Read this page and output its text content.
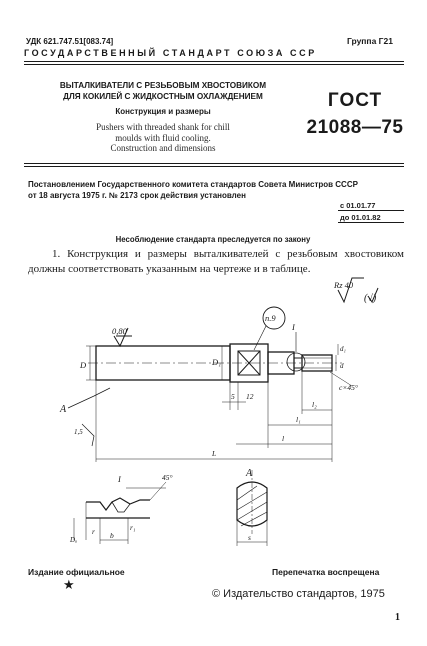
УДК 621.747.51[083.74]	Группа Г21
ГОСУДАРСТВЕННЫЙ СТАНДАРТ СОЮЗА ССР
ВЫТАЛКИВАТЕЛИ С РЕЗЬБОВЫМ ХВОСТОВИКОМ
ДЛЯ КОКИЛЕЙ С ЖИДКОСТНЫМ ОХЛАЖДЕНИЕМ
Конструкция и размеры
Pushers with threaded shank for chill
moulds with fluid cooling.
Construction and dimensions
ГОСТ
21088—75
Постановлением Государственного комитета стандартов Совета Министров СССР
от 18 августа 1975 г. № 2173 срок действия установлен
с 01.01.77
до 01.01.82
Несоблюдение стандарта преследуется по закону
1. Конструкция и размеры выталкивателей с резьбовым хвостовиком должны соответствовать указанным на чертеже и в таблице.
Rz 40
(√)
0,80
п.9
I
A
D	D₁
d₁
d
5 12
c×45°
l₂
l₁
l
L
1,5
I	45°
Dₐ
r	r₁
b
A
s
Издание официальное	Перепечатка воспрещена
★
© Издательство стандартов, 1975
1
